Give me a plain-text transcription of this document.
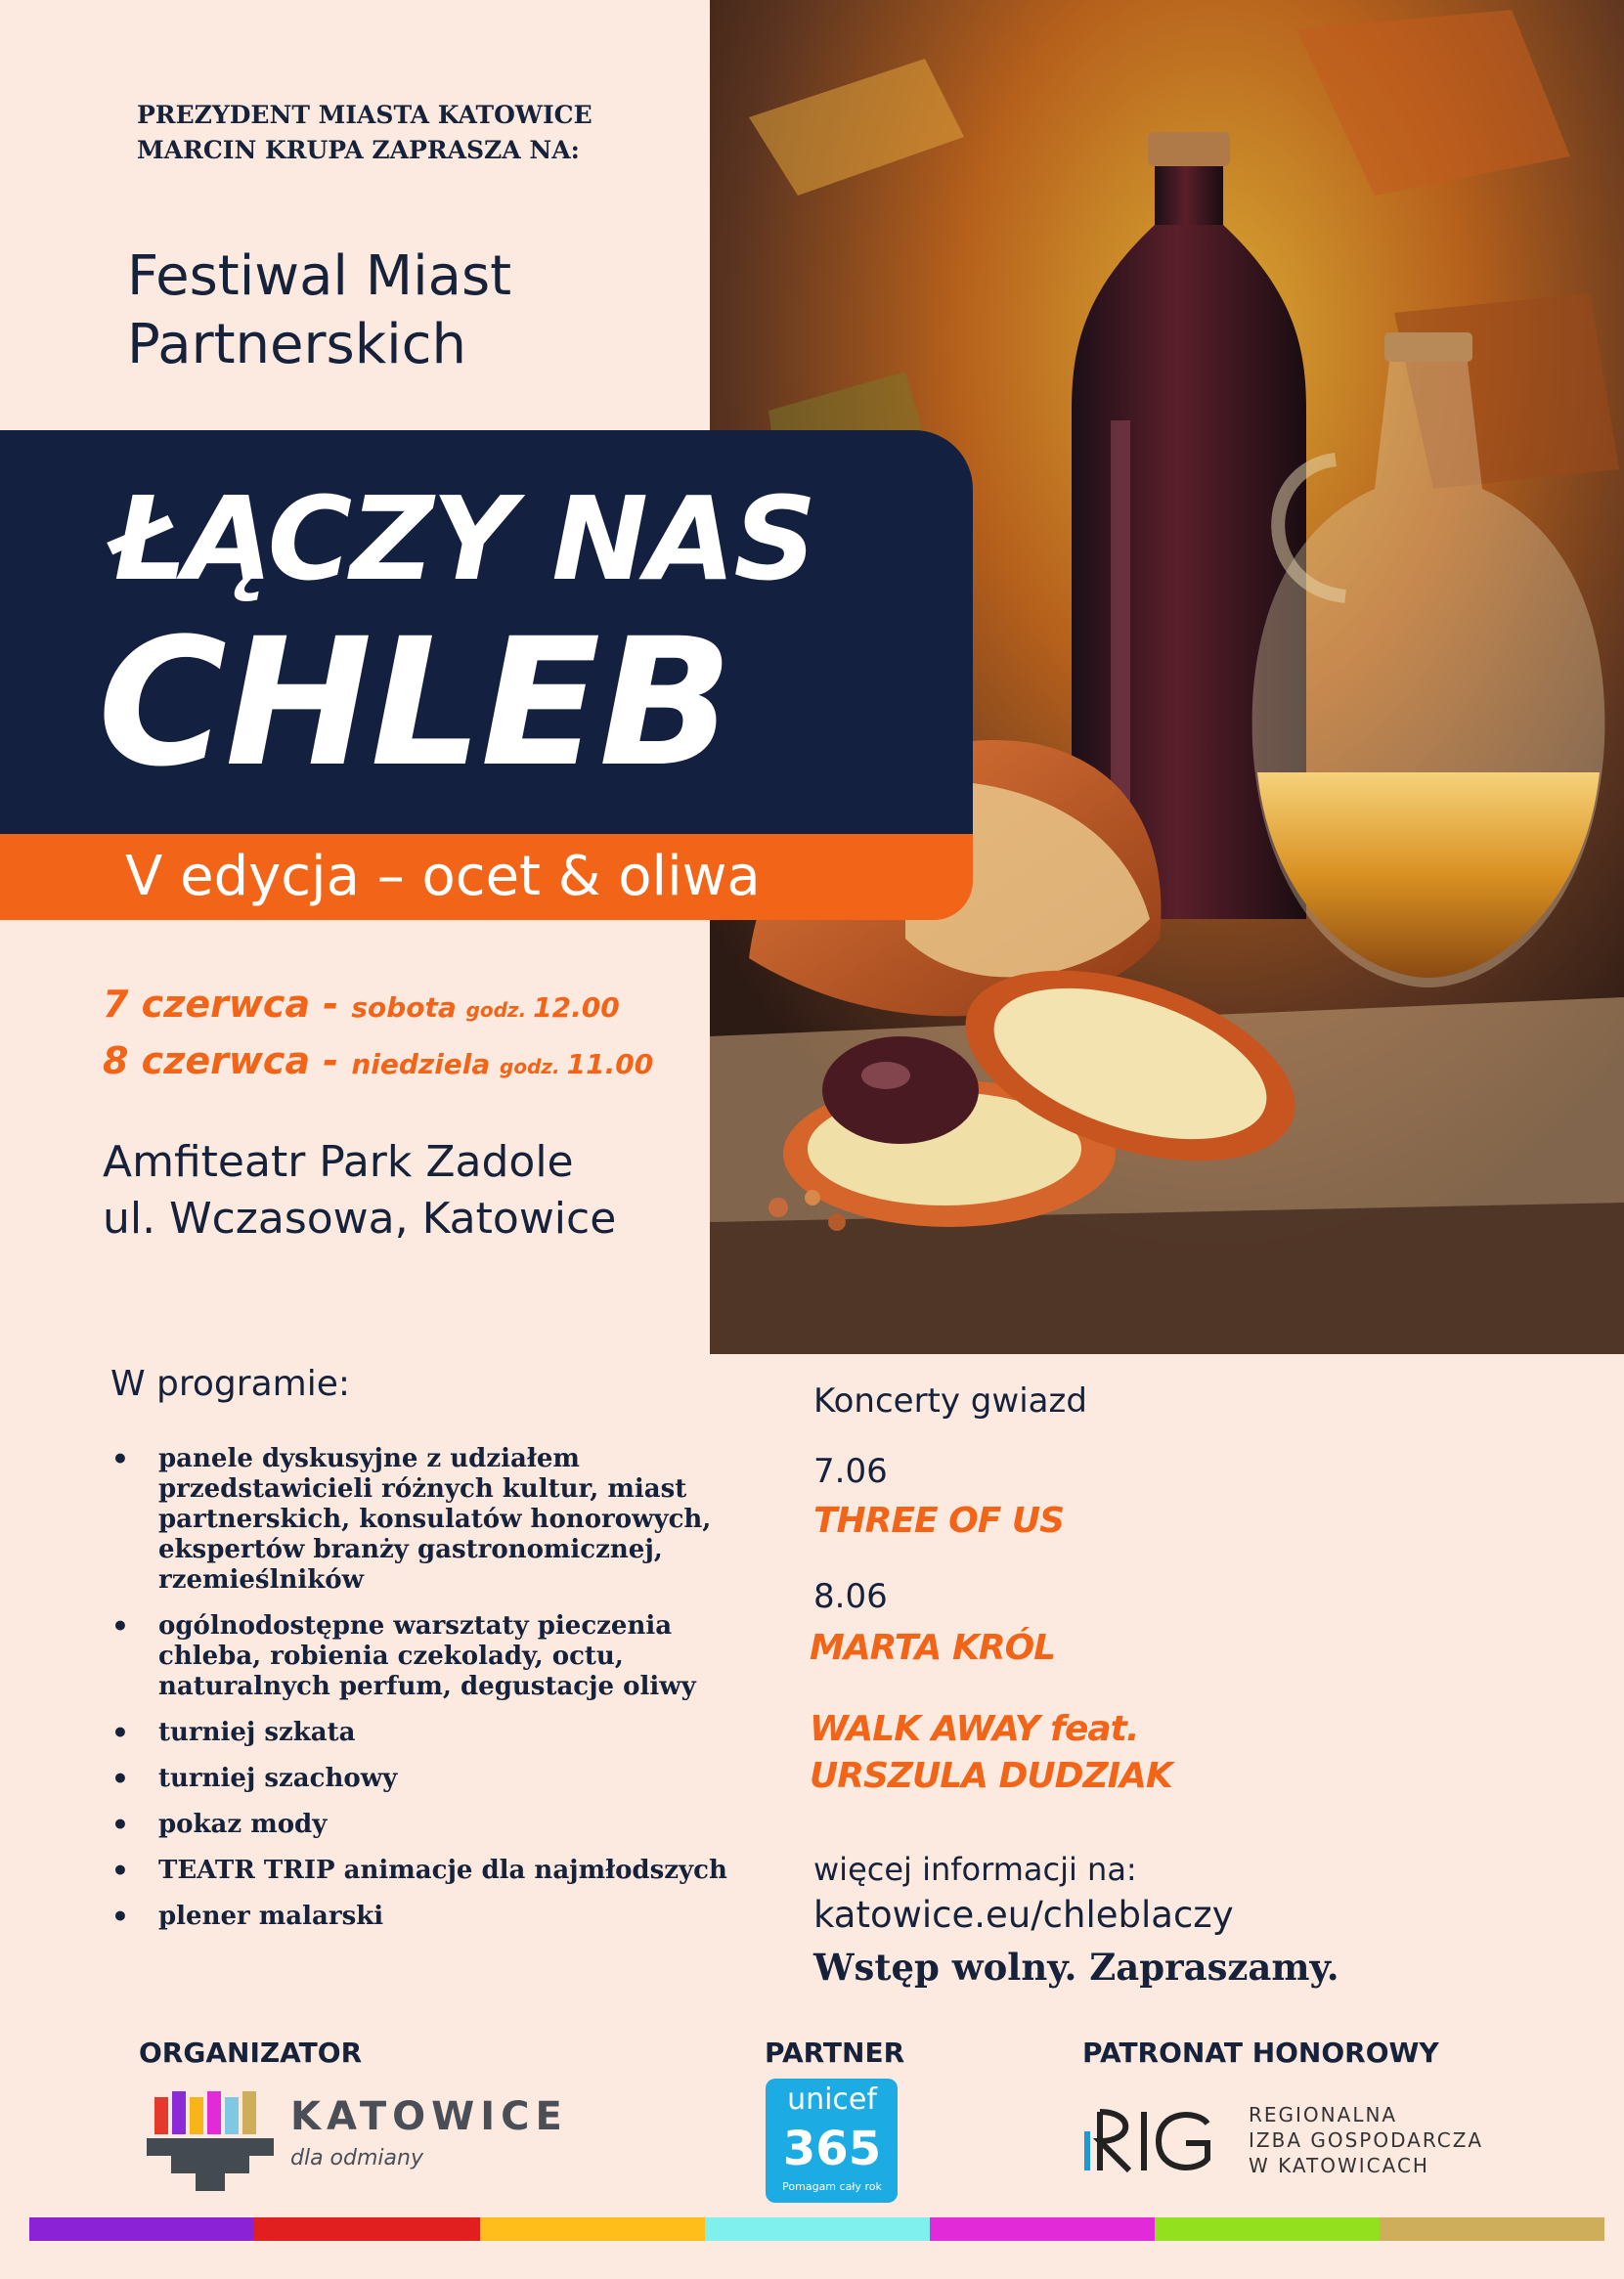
PREZYDENT MIASTA KATOWICE
MARCIN KRUPA ZAPRASZA NA:
Festiwal Miast
Partnerskich
ŁĄCZY NAS
CHLEB
V edycja – ocet & oliwa
7 czerwca - sobota godz. 12.00
8 czerwca - niedziela godz. 11.00
Amfiteatr Park Zadole
ul. Wczasowa, Katowice
W programie:
• panele dyskusyjne z udziałem przedstawicieli różnych kultur, miast partnerskich, konsulatów honorowych, ekspertów branży gastronomicznej, rzemieślników
• ogólnodostępne warsztaty pieczenia chleba, robienia czekolady, octu, naturalnych perfum, degustacje oliwy
• turniej szkata
• turniej szachowy
• pokaz mody
• TEATR TRIP animacje dla najmłodszych
• plener malarski
Koncerty gwiazd
7.06
THREE OF US
8.06
MARTA KRÓL
WALK AWAY feat.
URSZULA DUDZIAK
więcej informacji na:
katowice.eu/chleblaczy
Wstęp wolny. Zapraszamy.
ORGANIZATOR	PARTNER	PATRONAT HONOROWY
KATOWICE
dla odmiany
unicef
365
Pomagam cały rok
REGIONALNA
IZBA GOSPODARCZA
W KATOWICACH
